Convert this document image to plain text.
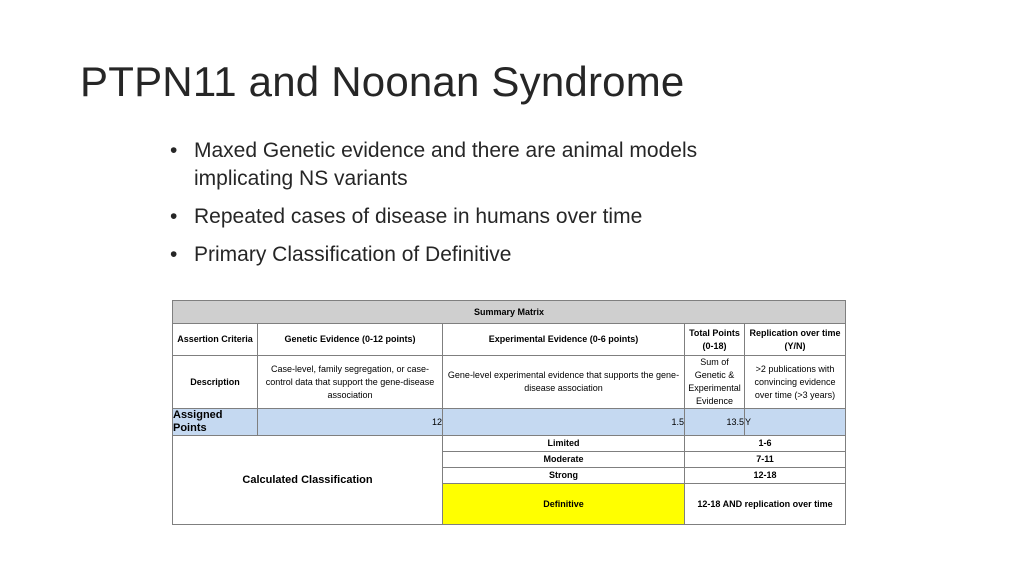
PTPN11 and Noonan Syndrome
• Maxed Genetic evidence and there are animal models implicating NS variants
• Repeated cases of disease in humans over time
• Primary Classification of Definitive
Summary Matrix				
Assertion Criteria	Genetic Evidence (0-12 points)	Experimental Evidence (0-6 points)	Total Points (0-18)	Replication over time (Y/N)
Description	Case-level, family segregation, or case-control data that support the gene-disease association	Gene-level experimental evidence that supports the gene-disease association	Sum of Genetic & Experimental Evidence	>2 publications with convincing evidence over time (>3 years)
Assigned Points	12	1.5	13.5	Y
Calculated Classification		Limited	1-6	
		Moderate	7-11	
		Strong	12-18	
		Definitive	12-18 AND replication over time	
